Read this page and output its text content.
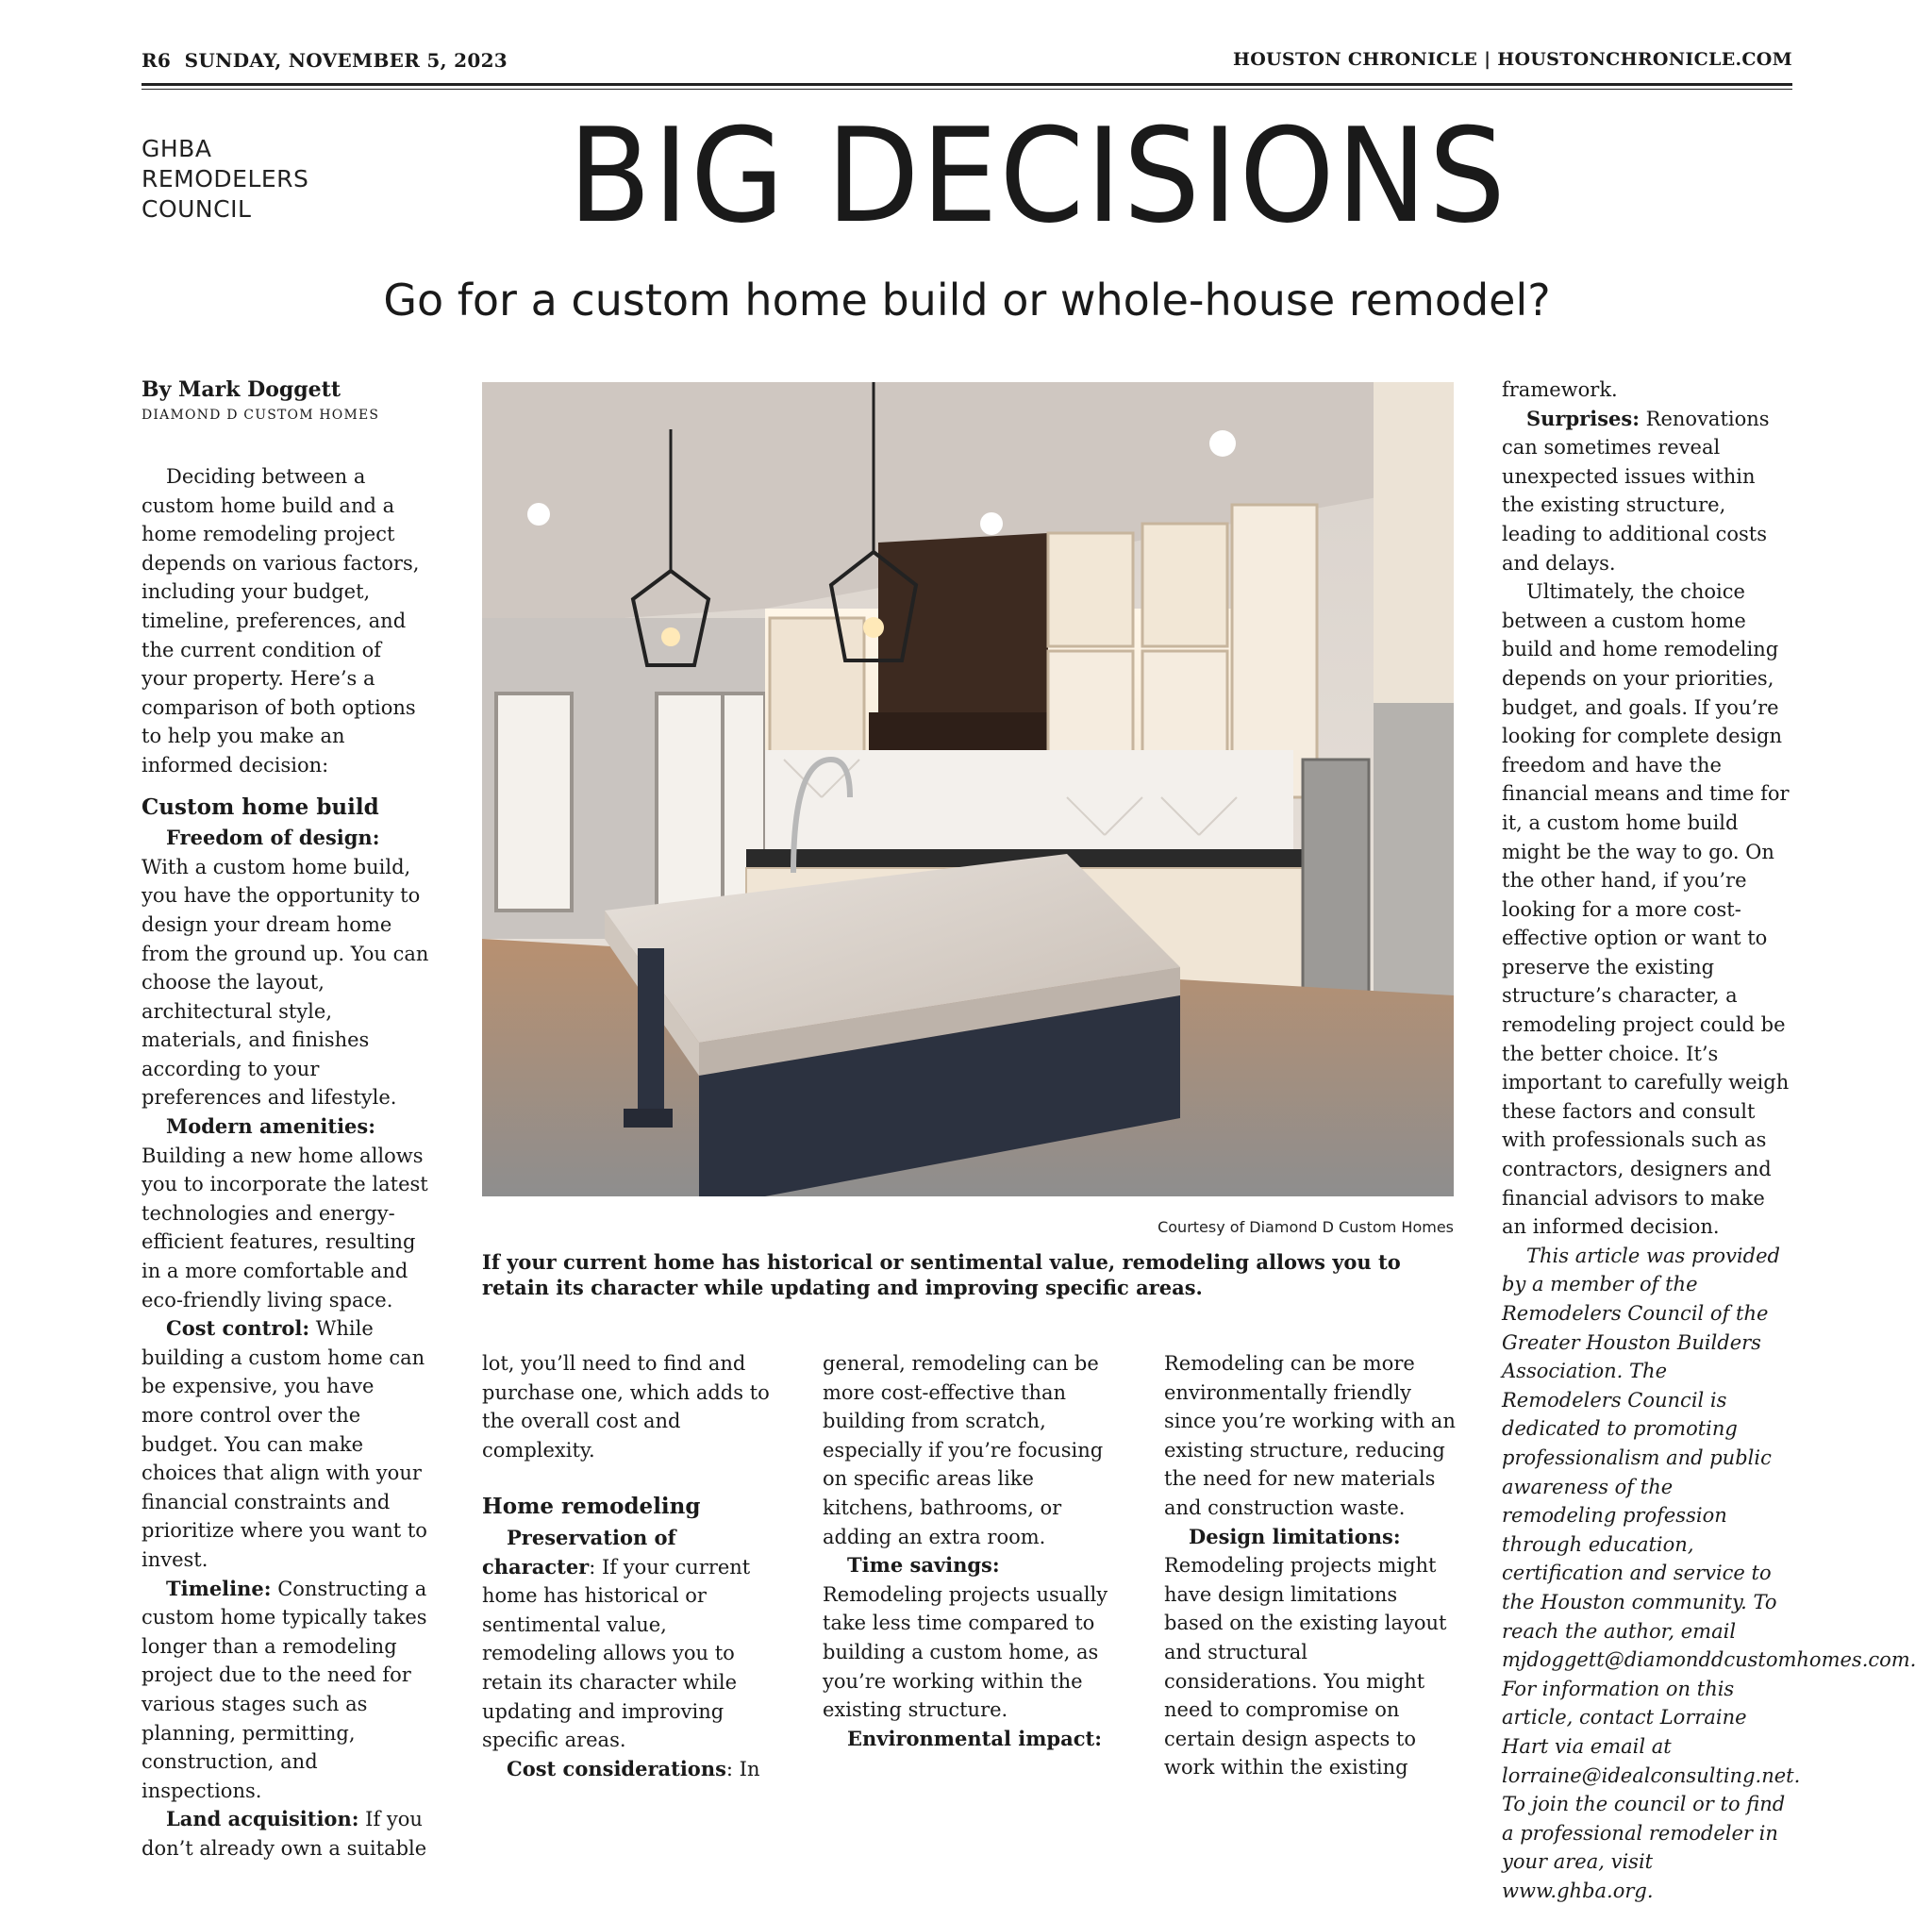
R6 SUNDAY, NOVEMBER 5, 2023	HOUSTON CHRONICLE | HOUSTONCHRONICLE.COM
GHBA
REMODELERS
COUNCIL	BIG DECISIONS
Go for a custom home build or whole-house remodel?
By Mark Doggett
DIAMOND D CUSTOM HOMES

Deciding between a custom home build and a home remodeling project depends on various factors, including your budget, timeline, preferences, and the current condition of your property. Here’s a comparison of both options to help you make an informed decision:

Custom home build

Freedom of design: With a custom home build, you have the opportunity to design your dream home from the ground up. You can choose the layout, architectural style, materials, and finishes according to your preferences and lifestyle.

Modern amenities: Building a new home allows you to incorporate the latest technologies and energy-efficient features, resulting in a more comfortable and eco-friendly living space.

Cost control: While building a custom home can be expensive, you have more control over the budget. You can make choices that align with your financial constraints and prioritize where you want to invest.

Timeline: Constructing a custom home typically takes longer than a remodeling project due to the need for various stages such as planning, permitting, construction, and inspections.

Land acquisition: If you don’t already own a suitable

Courtesy of Diamond D Custom Homes
If your current home has historical or sentimental value, remodeling allows you to retain its character while updating and improving specific areas.

lot, you’ll need to find and purchase one, which adds to the overall cost and complexity.

Home remodeling

Preservation of character: If your current home has historical or sentimental value, remodeling allows you to retain its character while updating and improving specific areas.

Cost considerations: In

general, remodeling can be more cost-effective than building from scratch, especially if you’re focusing on specific areas like kitchens, bathrooms, or adding an extra room.

Time savings: Remodeling projects usually take less time compared to building a custom home, as you’re working within the existing structure.

Environmental impact:

Remodeling can be more environmentally friendly since you’re working with an existing structure, reducing the need for new materials and construction waste.

Design limitations: Remodeling projects might have design limitations based on the existing layout and structural considerations. You might need to compromise on certain design aspects to work within the existing

framework.

Surprises: Renovations can sometimes reveal unexpected issues within the existing structure, leading to additional costs and delays.

Ultimately, the choice between a custom home build and home remodeling depends on your priorities, budget, and goals. If you’re looking for complete design freedom and have the financial means and time for it, a custom home build might be the way to go. On the other hand, if you’re looking for a more cost-effective option or want to preserve the existing structure’s character, a remodeling project could be the better choice. It’s important to carefully weigh these factors and consult with professionals such as contractors, designers and financial advisors to make an informed decision.

This article was provided by a member of the Remodelers Council of the Greater Houston Builders Association. The Remodelers Council is dedicated to promoting professionalism and public awareness of the remodeling profession through education, certification and service to the Houston community. To reach the author, email mjdoggett@diamonddcustomhomes.com. For information on this article, contact Lorraine Hart via email at lorraine@idealconsulting.net. To join the council or to find a professional remodeler in your area, visit www.ghba.org.
